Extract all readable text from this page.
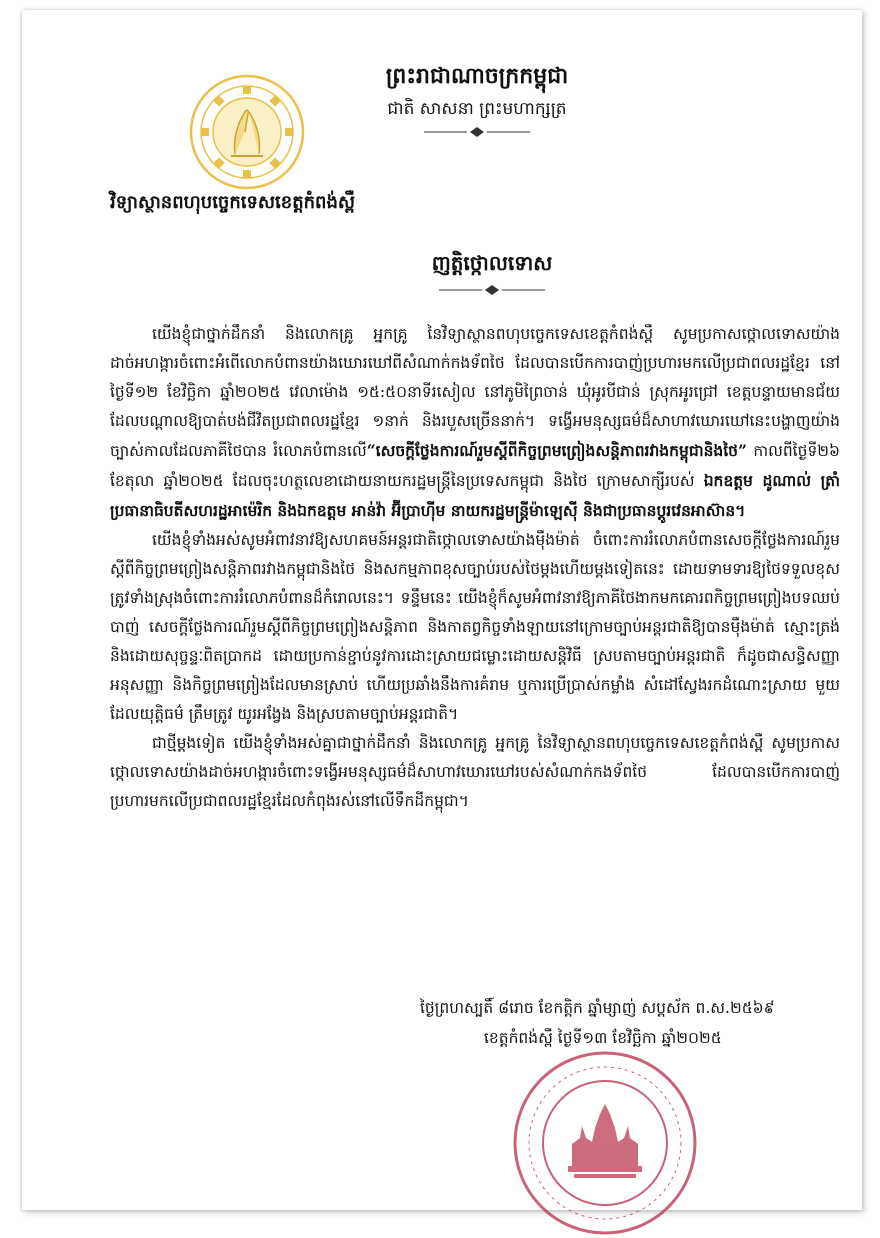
ព្រះរាជាណាចក្រកម្ពុជា
ជាតិ សាសនា ព្រះមហាក្សត្រ
វិទ្យាស្ថានពហុបច្ចេកទេសខេត្តកំពង់ស្ពឺ
ញត្តិថ្កោលទោស

យើងខ្ញុំជាថ្នាក់ដឹកនាំ និងលោកគ្រូ អ្នកគ្រូ នៃវិទ្យាស្ថានពហុបច្ចេកទេសខេត្តកំពង់ស្ពឺ សូមប្រកាសថ្កោលទោសយ៉ាងដាច់អហង្ការចំពោះអំពើលោកបំពានយ៉ាងឃោរឃៅពីសំណាក់កងទ័ពថៃ ដែលបានបើកការបាញ់ប្រហារមកលើប្រជាពលរដ្ឋខ្មែរ នៅថ្ងៃទី១២ ខែវិច្ឆិកា ឆ្នាំ២០២៥ វេលាម៉ោង ១៥:៥០នាទីរសៀល នៅភូមិព្រៃចាន់ ឃុំអូរបីជាន់ ស្រុកអូរជ្រៅ ខេត្តបន្ទាយមានជ័យ ដែលបណ្តាលឱ្យបាត់បង់ជីវិតប្រជាពលរដ្ឋខ្មែរ ១នាក់ និងរបួសច្រើននាក់។ ទង្វើអមនុស្សធម៌ដ៏សាហាវឃោរឃៅនេះបង្ហាញយ៉ាងច្បាស់កាលដែលភាគីថៃបាន រំលោភបំពានលើ“សេចក្តីថ្លែងការណ៍រួមស្តីពីកិច្ចព្រមព្រៀងសន្តិភាពរវាងកម្ពុជានិងថៃ” កាលពីថ្ងៃទី២៦ ខែតុលា ឆ្នាំ២០២៥ ដែលចុះហត្ថលេខាដោយនាយករដ្ឋមន្ត្រីនៃប្រទេសកម្ពុជា និងថៃ ក្រោមសាក្សីរបស់ ឯកឧត្តម ដូណាល់ ត្រាំ ប្រធានាធិបតីសហរដ្ឋអាម៉េរិក និងឯកឧត្តម អាន់វ៉ា អ៊ីប្រាហ៊ីម នាយករដ្ឋមន្ត្រីម៉ាឡេស៊ី និងជាប្រធានប្តូរវេនអាស៊ាន។

យើងខ្ញុំទាំងអស់សូមអំពាវនាវឱ្យសហគមន៍អន្តរជាតិថ្កោលទោសយ៉ាងម៉ឺងម៉ាត់ ចំពោះការរំលោភបំពានសេចក្តីថ្លែងការណ៍រួមស្តីពីកិច្ចព្រមព្រៀងសន្តិភាពរវាងកម្ពុជានិងថៃ និងសកម្មភាពខុសច្បាប់របស់ថៃម្តងហើយម្តងទៀតនេះ ដោយទាមទារឱ្យថៃទទួលខុសត្រូវទាំងស្រុងចំពោះការរំលោភបំពានដ៏កំរោលនេះ។ ទន្ទឹមនេះ យើងខ្ញុំក៏សូមអំពាវនាវឱ្យភាគីថៃងាកមកគោរពកិច្ចព្រមព្រៀងបទឈប់បាញ់ សេចក្តីថ្លែងការណ៍រួមស្តីពីកិច្ចព្រមព្រៀងសន្តិភាព និងកាតព្វកិច្ចទាំងឡាយនៅក្រោមច្បាប់អន្តរជាតិឱ្យបានម៉ឺងម៉ាត់ ស្មោះត្រង់ និងដោយសុច្ចន្ទៈពិតប្រាកដ ដោយប្រកាន់ខ្ជាប់នូវការដោះស្រាយជម្លោះដោយសន្តិវិធី ស្របតាមច្បាប់អន្តរជាតិ ក៏ដូចជាសន្ធិសញ្ញា អនុសញ្ញា និងកិច្ចព្រមព្រៀងដែលមានស្រាប់ ហើយប្រឆាំងនឹងការគំរាម ឬការប្រើប្រាស់កម្លាំង សំដៅស្វែងរកដំណោះស្រាយ មួយដែលយុត្តិធម៌ ត្រឹមត្រូវ យូរអង្វែង និងស្របតាមច្បាប់អន្តរជាតិ។

ជាថ្មីម្តងទៀត យើងខ្ញុំទាំងអស់គ្នាជាថ្នាក់ដឹកនាំ និងលោកគ្រូ អ្នកគ្រូ នៃវិទ្យាស្ថានពហុបច្ចេកទេសខេត្តកំពង់ស្ពឺ សូមប្រកាសថ្កោលទោសយ៉ាងដាច់អហង្ការចំពោះទង្វើអមនុស្សធម៌ដ៏សាហាវឃោរឃៅរបស់សំណាក់កងទ័ពថៃ ដែលបានបើកការបាញ់ប្រហារមកលើប្រជាពលរដ្ឋខ្មែរដែលកំពុងរស់នៅលើទឹកដីកម្ពុជា។

ថ្ងៃព្រហស្បតិ៍ ៨រោច ខែកត្តិក ឆ្នាំម្សាញ់ សប្តស័ក ព.ស.២៥៦៩
ខេត្តកំពង់ស្ពឺ ថ្ងៃទី១៣ ខែវិច្ឆិកា ឆ្នាំ២០២៥
